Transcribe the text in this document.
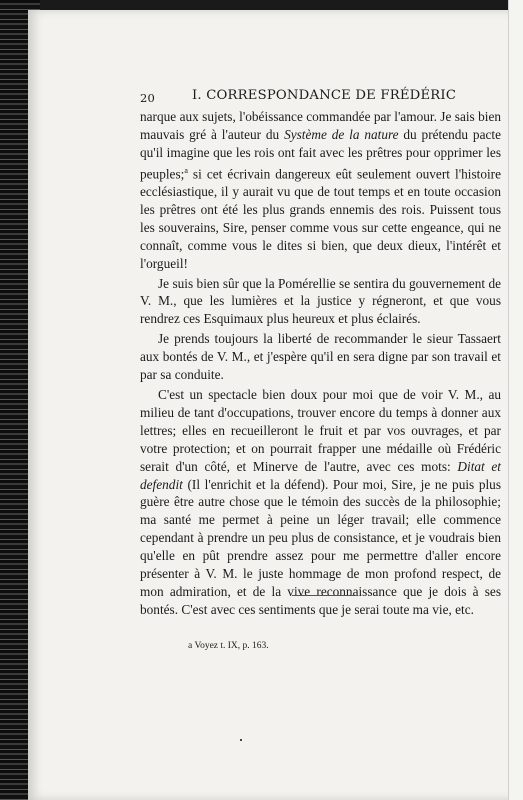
20	I. CORRESPONDANCE DE FRÉDÉRIC

narque aux sujets, l'obéissance commandée par l'amour. Je sais bien mauvais gré à l'auteur du Système de la nature du prétendu pacte qu'il imagine que les rois ont fait avec les prêtres pour opprimer les peuples;$^a$ si cet écrivain dangereux eût seulement ouvert l'histoire ecclésiastique, il y aurait vu que de tout temps et en toute occasion les prêtres ont été les plus grands ennemis des rois. Puissent tous les souverains, Sire, penser comme vous sur cette engeance, qui ne connaît, comme vous le dites si bien, que deux dieux, l'intérêt et l'orgueil!

Je suis bien sûr que la Pomérellie se sentira du gouvernement de V. M., que les lumières et la justice y régneront, et que vous rendrez ces Esquimaux plus heureux et plus éclairés.

Je prends toujours la liberté de recommander le sieur Tassaert aux bontés de V. M., et j'espère qu'il en sera digne par son travail et par sa conduite.

C'est un spectacle bien doux pour moi que de voir V. M., au milieu de tant d'occupations, trouver encore du temps à donner aux lettres; elles en recueilleront le fruit et par vos ouvrages, et par votre protection; et on pourrait frapper une médaille où Frédéric serait d'un côté, et Minerve de l'autre, avec ces mots: Ditat et defendit (Il l'enrichit et la défend). Pour moi, Sire, je ne puis plus guère être autre chose que le témoin des succès de la philosophie; ma santé me permet à peine un léger travail; elle commence cependant à prendre un peu plus de consistance, et je voudrais bien qu'elle en pût prendre assez pour me permettre d'aller encore présenter à V. M. le juste hommage de mon profond respect, de mon admiration, et de la vive reconnaissance que je dois à ses bontés. C'est avec ces sentiments que je serai toute ma vie, etc.

a Voyez t. IX, p. 163.
